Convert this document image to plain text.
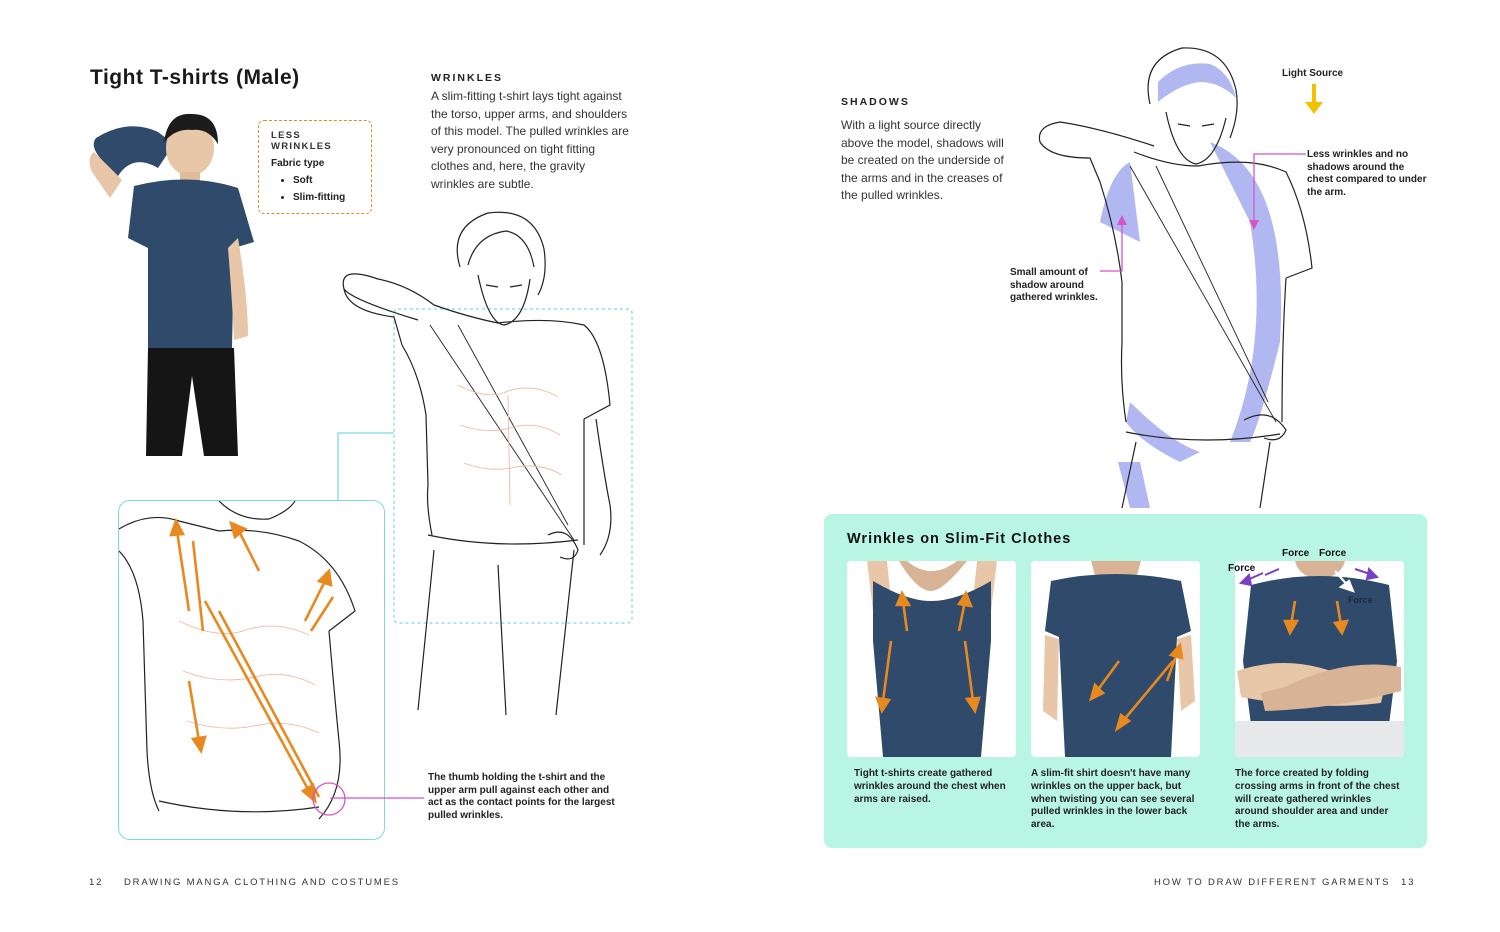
Tight T-shirts (Male)
LESS WRINKLES
Fabric type
• Soft
• Slim-fitting
WRINKLES
A slim-fitting t-shirt lays tight against the torso, upper arms, and shoulders of this model. The pulled wrinkles are very pronounced on tight fitting clothes and, here, the gravity wrinkles are subtle.
The thumb holding the t-shirt and the upper arm pull against each other and act as the contact points for the largest pulled wrinkles.
SHADOWS
With a light source directly above the model, shadows will be created on the underside of the arms and in the creases of the pulled wrinkles.
Light Source
Less wrinkles and no shadows around the chest compared to under the arm.
Small amount of shadow around gathered wrinkles.
Wrinkles on Slim-Fit Clothes
Force
Force Force
Force
Tight t-shirts create gathered wrinkles around the chest when arms are raised.
A slim-fit shirt doesn't have many wrinkles on the upper back, but when twisting you can see several pulled wrinkles in the lower back area.
The force created by folding crossing arms in front of the chest will create gathered wrinkles around shoulder area and under the arms.
12 DRAWING MANGA CLOTHING AND COSTUMES	HOW TO DRAW DIFFERENT GARMENTS 13
